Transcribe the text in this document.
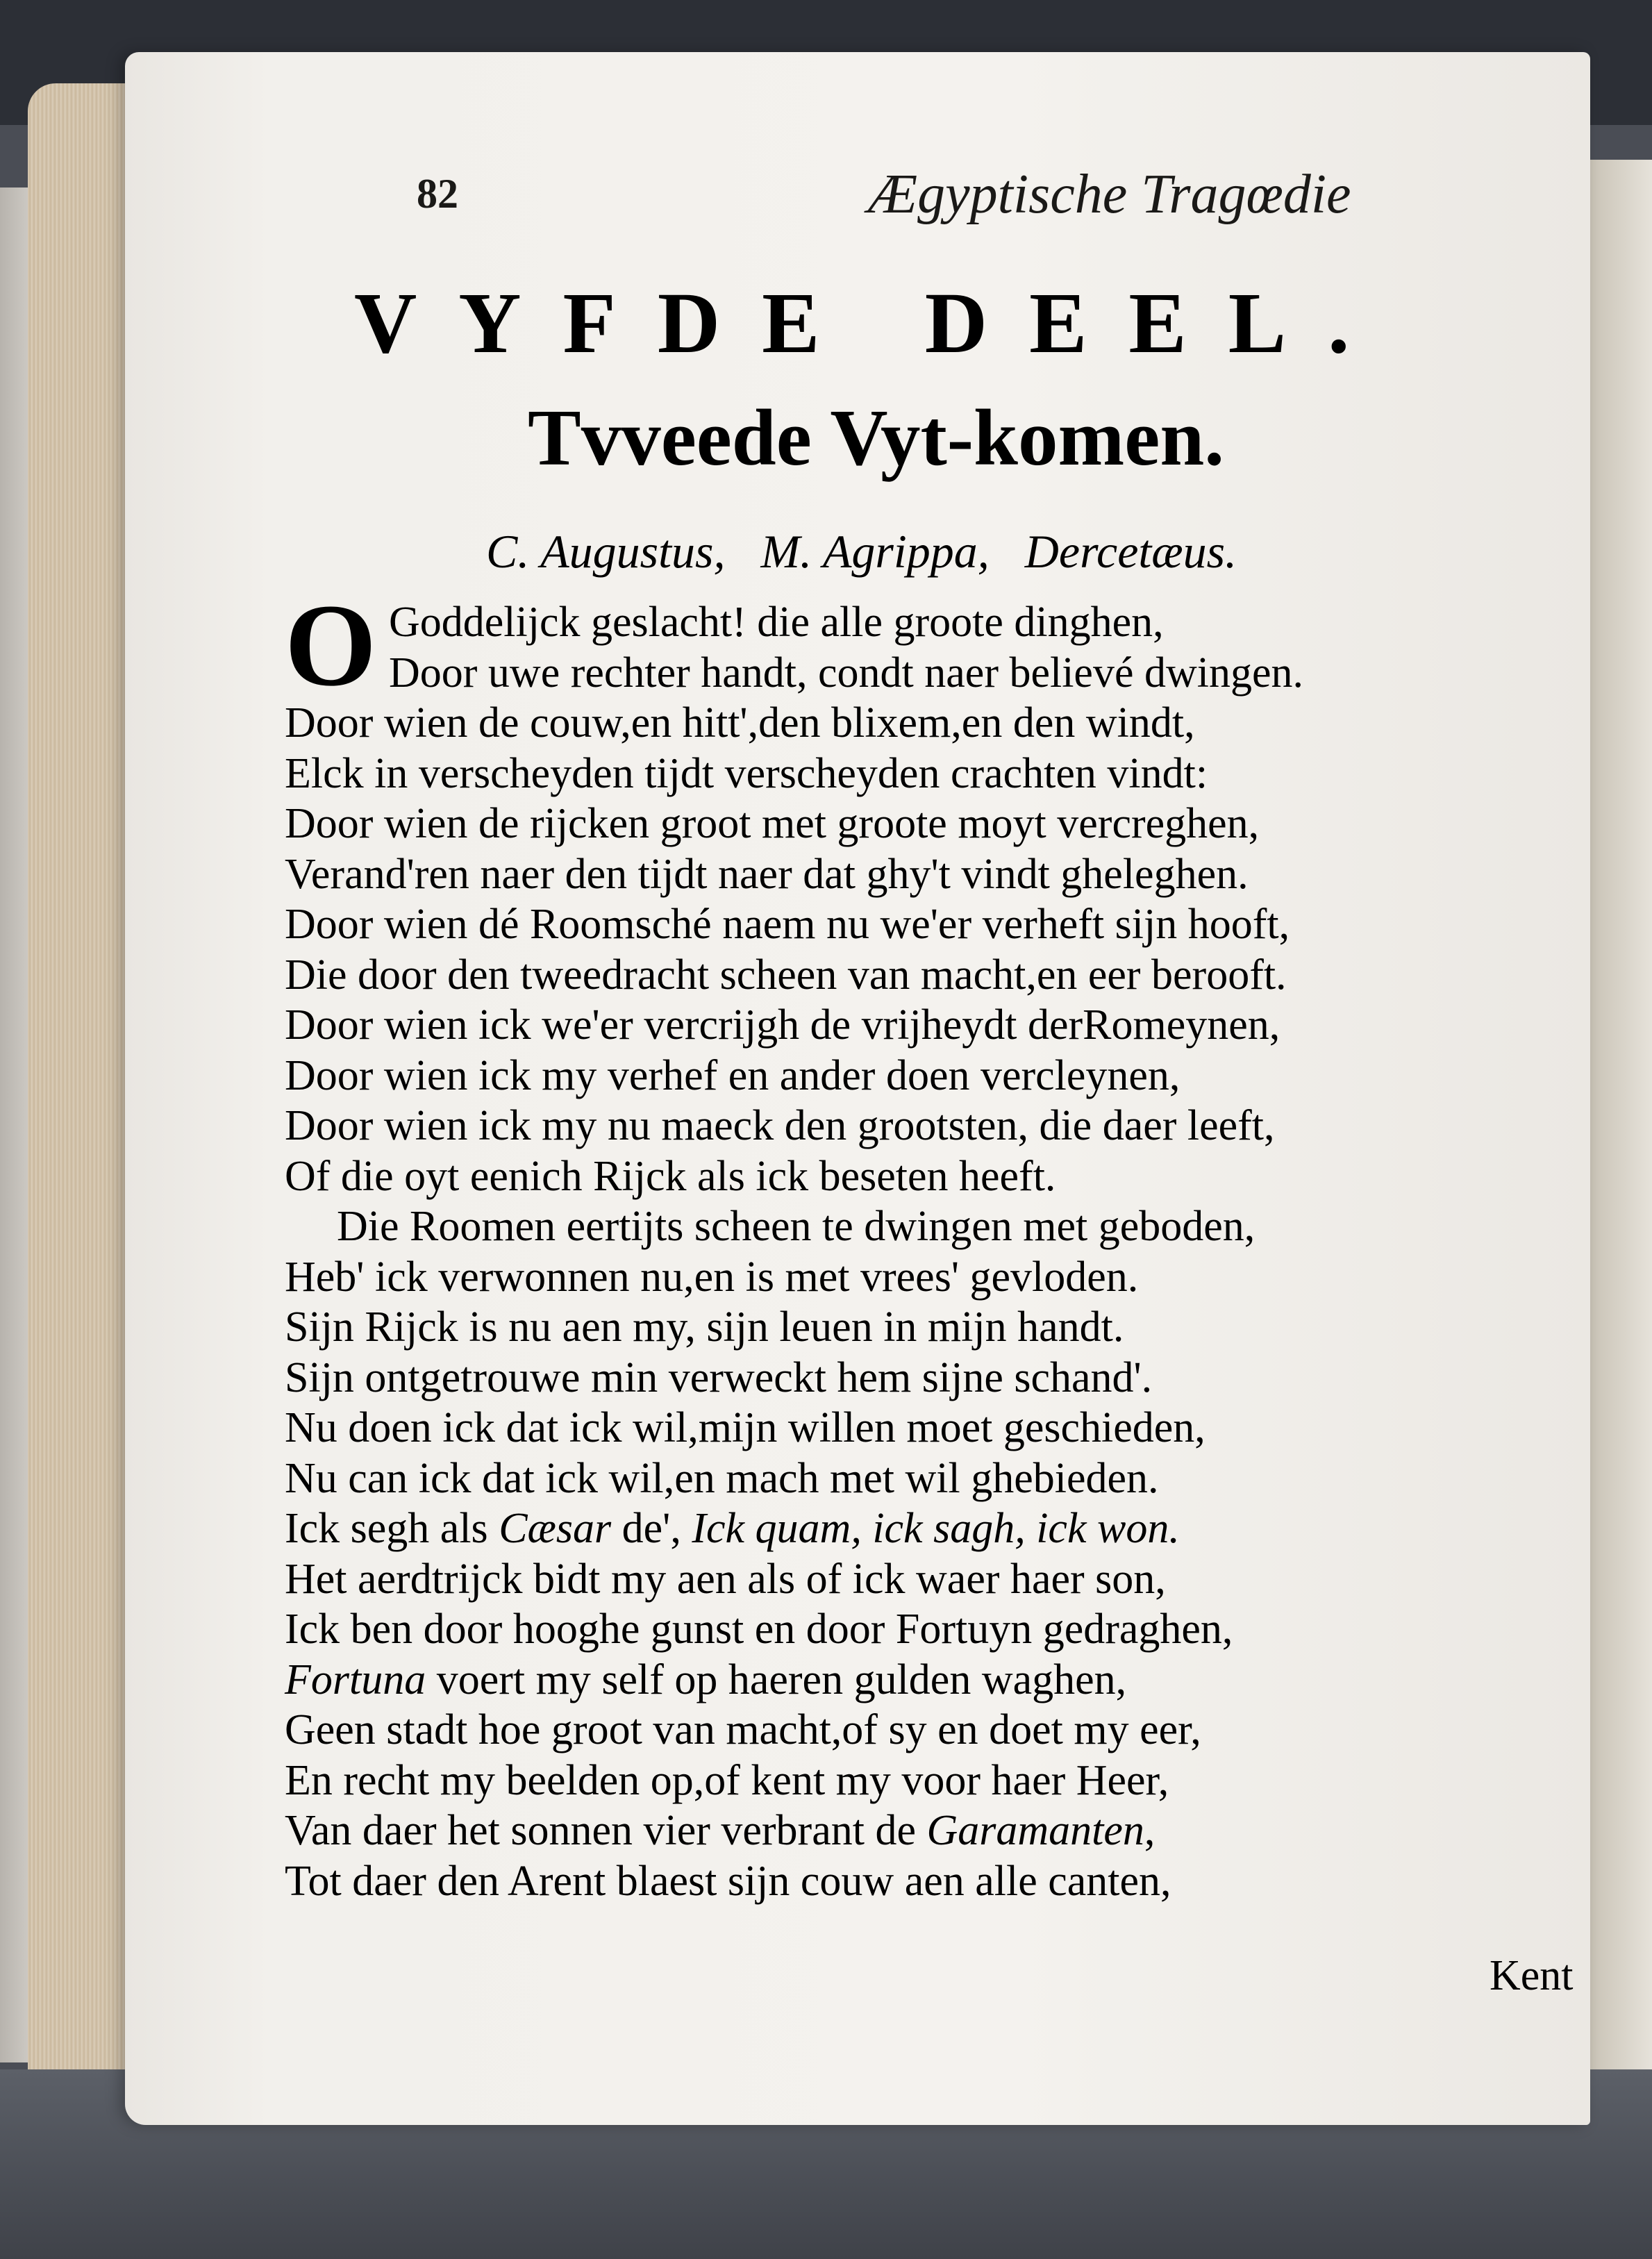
82	Ægyptische Tragœdie
VYFDE DEEL.
Tvveede Vyt-komen.
C. Augustus,   M. Agrippa,   Dercetæus.
O Goddelijck geslacht! die alle groote dinghen,
Door uwe rechter handt, condt naer believé dwingen.
Door wien de couw,en hitt',den blixem,en den windt,
Elck in verscheyden tijdt verscheyden crachten vindt:
Door wien de rijcken groot met groote moyt vercreghen,
Verand'ren naer den tijdt naer dat ghy't vindt gheleghen.
Door wien dé Roomsché naem nu we'er verheft sijn hooft,
Die door den tweedracht scheen van macht,en eer berooft.
Door wien ick we'er vercrijgh de vrijheydt derRomeynen,
Door wien ick my verhef en ander doen vercleynen,
Door wien ick my nu maeck den grootsten, die daer leeft,
Of die oyt eenich Rijck als ick beseten heeft.
Die Roomen eertijts scheen te dwingen met geboden,
Heb' ick verwonnen nu,en is met vrees' gevloden.
Sijn Rijck is nu aen my, sijn leuen in mijn handt.
Sijn ontgetrouwe min verweckt hem sijne schand'.
Nu doen ick dat ick wil,mijn willen moet geschieden,
Nu can ick dat ick wil,en mach met wil ghebieden.
Ick segh als Cæsar de', Ick quam, ick sagh, ick won.
Het aerdtrijck bidt my aen als of ick waer haer son,
Ick ben door hooghe gunst en door Fortuyn gedraghen,
Fortuna voert my self op haeren gulden waghen,
Geen stadt hoe groot van macht,of sy en doet my eer,
En recht my beelden op,of kent my voor haer Heer,
Van daer het sonnen vier verbrant de Garamanten,
Tot daer den Arent blaest sijn couw aen alle canten,
Kent
